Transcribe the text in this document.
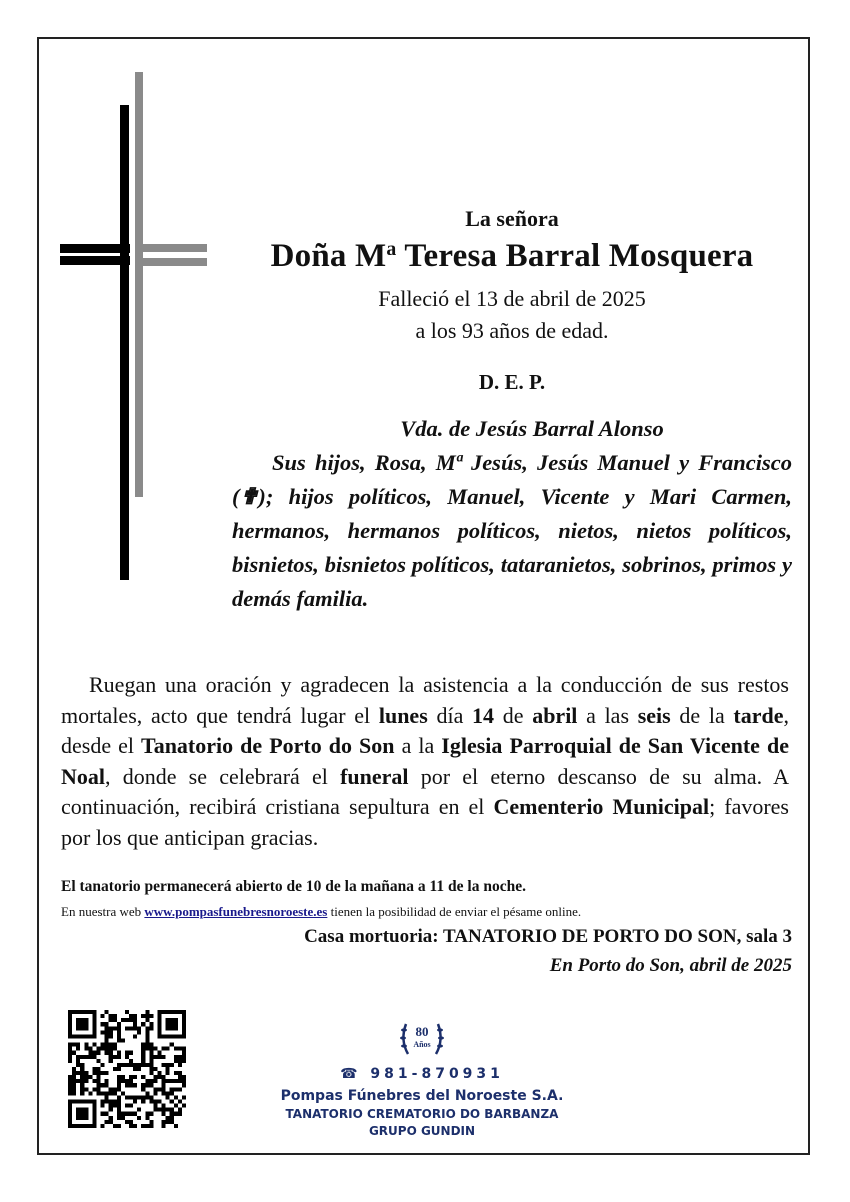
La señora
Doña $M^a$ Teresa Barral Mosquera
Falleció el 13 de abril de 2025
a los 93 años de edad.
D. E. P.
Vda. de Jesús Barral Alonso
Sus hijos, Rosa, Mª Jesús, Jesús Manuel y Francisco (✟); hijos políticos, Manuel, Vicente y Mari Carmen, hermanos, hermanos políticos, nietos, nietos políticos, bisnietos, bisnietos políticos, tataranietos, sobrinos, primos y demás familia.
Ruegan una oración y agradecen la asistencia a la conducción de sus restos mortales, acto que tendrá lugar el lunes día 14 de abril a las seis de la tarde, desde el Tanatorio de Porto do Son a la Iglesia Parroquial de San Vicente de Noal, donde se celebrará el funeral por el eterno descanso de su alma. A continuación, recibirá cristiana sepultura en el Cementerio Municipal; favores por los que anticipan gracias.
El tanatorio permanecerá abierto de 10 de la mañana a 11 de la noche.
En nuestra web www.pompasfunebresnoroeste.es tienen la posibilidad de enviar el pésame online.
Casa mortuoria: TANATORIO DE PORTO DO SON, sala 3
En Porto do Son, abril de 2025
80
Años
☎ 981-870931
Pompas Fúnebres del Noroeste S.A.
TANATORIO CREMATORIO DO BARBANZA
GRUPO GUNDIN
